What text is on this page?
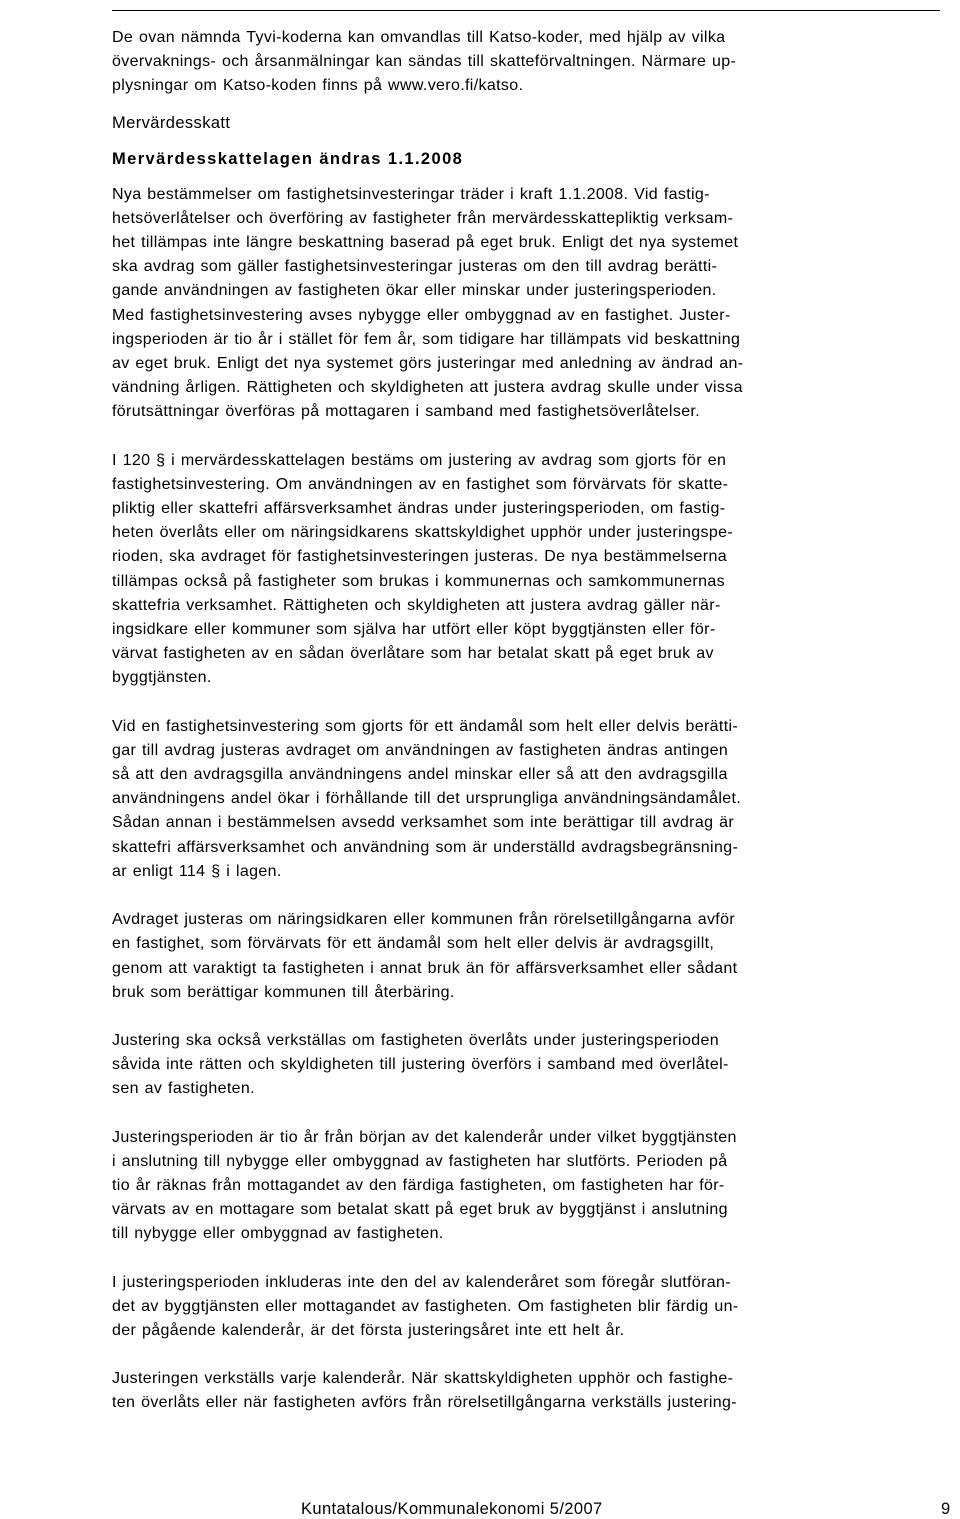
De ovan nämnda Tyvi-koderna kan omvandlas till Katso-koder, med hjälp av vilka
övervaknings- och årsanmälningar kan sändas till skatteförvaltningen. Närmare up-
plysningar om Katso-koden finns på www.vero.fi/katso.

Mervärdesskatt
Mervärdesskattelagen ändras 1.1.2008

Nya bestämmelser om fastighetsinvesteringar träder i kraft 1.1.2008. Vid fastig-
hetsöverlåtelser och överföring av fastigheter från mervärdesskattepliktig verksam-
het tillämpas inte längre beskattning baserad på eget bruk. Enligt det nya systemet
ska avdrag som gäller fastighetsinvesteringar justeras om den till avdrag berätti-
gande användningen av fastigheten ökar eller minskar under justeringsperioden.
Med fastighetsinvestering avses nybygge eller ombyggnad av en fastighet. Juster-
ingsperioden är tio år i stället för fem år, som tidigare har tillämpats vid beskattning
av eget bruk. Enligt det nya systemet görs justeringar med anledning av ändrad an-
vändning årligen. Rättigheten och skyldigheten att justera avdrag skulle under vissa
förutsättningar överföras på mottagaren i samband med fastighetsöverlåtelser.

I 120 § i mervärdesskattelagen bestäms om justering av avdrag som gjorts för en
fastighetsinvestering. Om användningen av en fastighet som förvärvats för skatte-
pliktig eller skattefri affärsverksamhet ändras under justeringsperioden, om fastig-
heten överlåts eller om näringsidkarens skattskyldighet upphör under justeringspe-
rioden, ska avdraget för fastighetsinvesteringen justeras. De nya bestämmelserna
tillämpas också på fastigheter som brukas i kommunernas och samkommunernas
skattefria verksamhet. Rättigheten och skyldigheten att justera avdrag gäller när-
ingsidkare eller kommuner som själva har utfört eller köpt byggtjänsten eller för-
värvat fastigheten av en sådan överlåtare som har betalat skatt på eget bruk av
byggtjänsten.

Vid en fastighetsinvestering som gjorts för ett ändamål som helt eller delvis berätti-
gar till avdrag justeras avdraget om användningen av fastigheten ändras antingen
så att den avdragsgilla användningens andel minskar eller så att den avdragsgilla
användningens andel ökar i förhållande till det ursprungliga användningsändamålet.
Sådan annan i bestämmelsen avsedd verksamhet som inte berättigar till avdrag är
skattefri affärsverksamhet och användning som är underställd avdragsbegränsning-
ar enligt 114 § i lagen.

Avdraget justeras om näringsidkaren eller kommunen från rörelsetillgångarna avför
en fastighet, som förvärvats för ett ändamål som helt eller delvis är avdragsgillt,
genom att varaktigt ta fastigheten i annat bruk än för affärsverksamhet eller sådant
bruk som berättigar kommunen till återbäring.

Justering ska också verkställas om fastigheten överlåts under justeringsperioden
såvida inte rätten och skyldigheten till justering överförs i samband med överlåtel-
sen av fastigheten.

Justeringsperioden är tio år från början av det kalenderår under vilket byggtjänsten
i anslutning till nybygge eller ombyggnad av fastigheten har slutförts. Perioden på
tio år räknas från mottagandet av den färdiga fastigheten, om fastigheten har för-
värvats av en mottagare som betalat skatt på eget bruk av byggtjänst i anslutning
till nybygge eller ombyggnad av fastigheten.

I justeringsperioden inkluderas inte den del av kalenderåret som föregår slutföran-
det av byggtjänsten eller mottagandet av fastigheten. Om fastigheten blir färdig un-
der pågående kalenderår, är det första justeringsåret inte ett helt år.

Justeringen verkställs varje kalenderår. När skattskyldigheten upphör och fastighe-
ten överlåts eller när fastigheten avförs från rörelsetillgångarna verkställs justering-

Kuntatalous/Kommunalekonomi 5/2007	9
